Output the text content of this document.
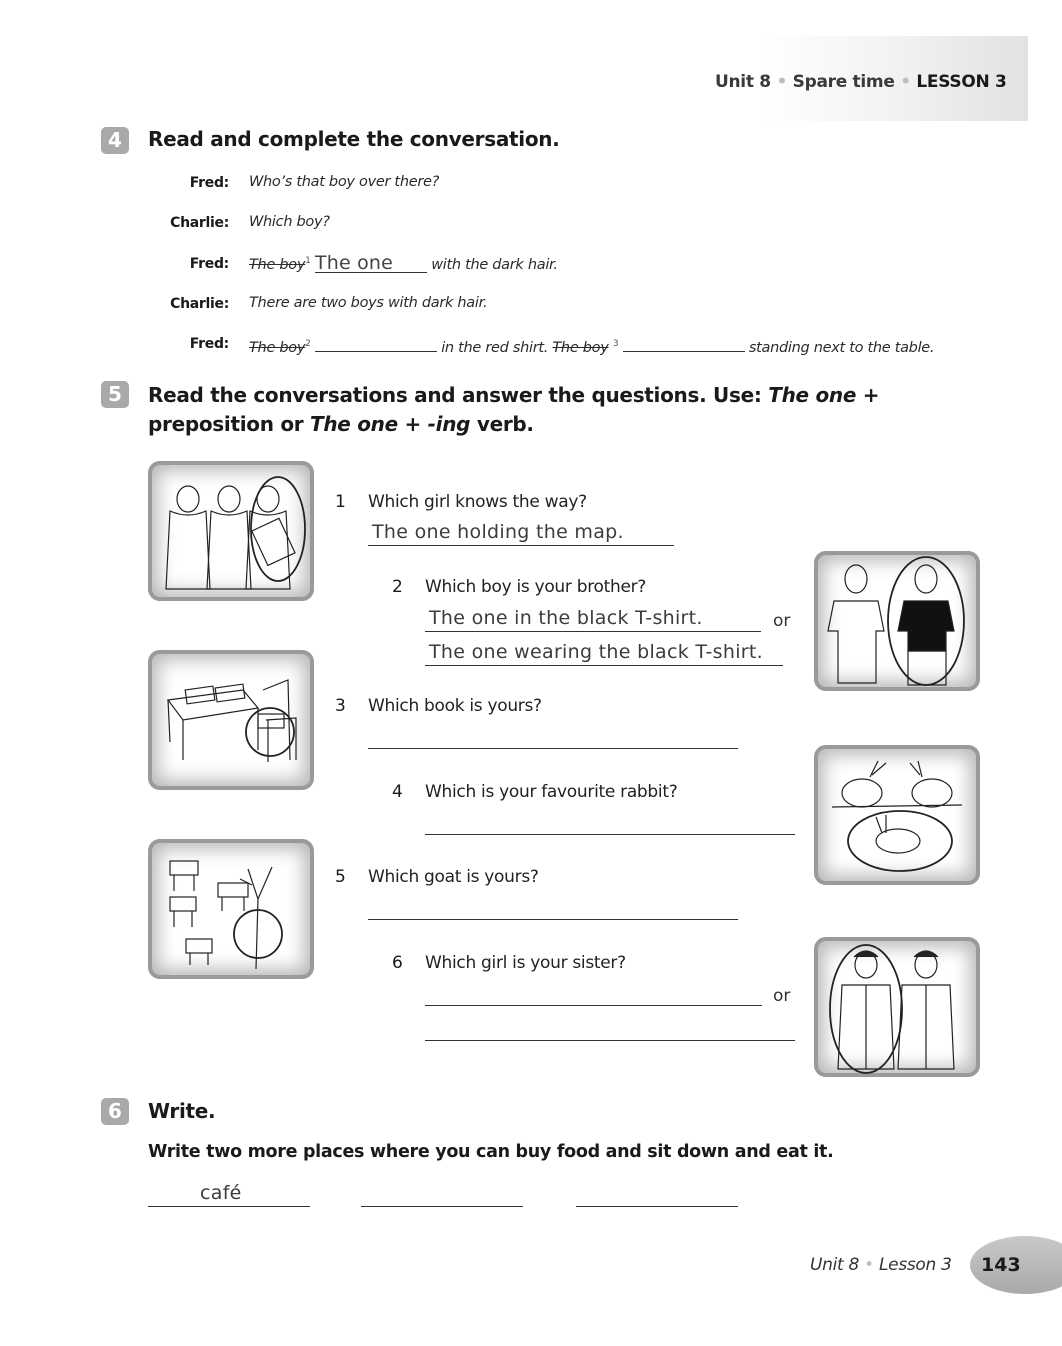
Unit 8 • Spare time • LESSON 3
4	Read and complete the conversation.
Fred: Who’s that boy over there?
Charlie: Which boy?
Fred: The boy$^1$ The one	with the dark hair.
Charlie: There are two boys with dark hair.
Fred: The boy$^2$	in the red shirt. The boy $^3$	standing next to the table.
5	Read the conversations and answer the questions. Use: The one +
preposition or The one + -ing verb.
1 Which girl knows the way?
The one holding the map.
2 Which boy is your brother?
The one in the black T-shirt.	or
The one wearing the black T-shirt.
3 Which book is yours?
4 Which is your favourite rabbit?
5 Which goat is yours?
6 Which girl is your sister?
or
6	Write.
Write two more places where you can buy food and sit down and eat it.
café
Unit 8 • Lesson 3 143
